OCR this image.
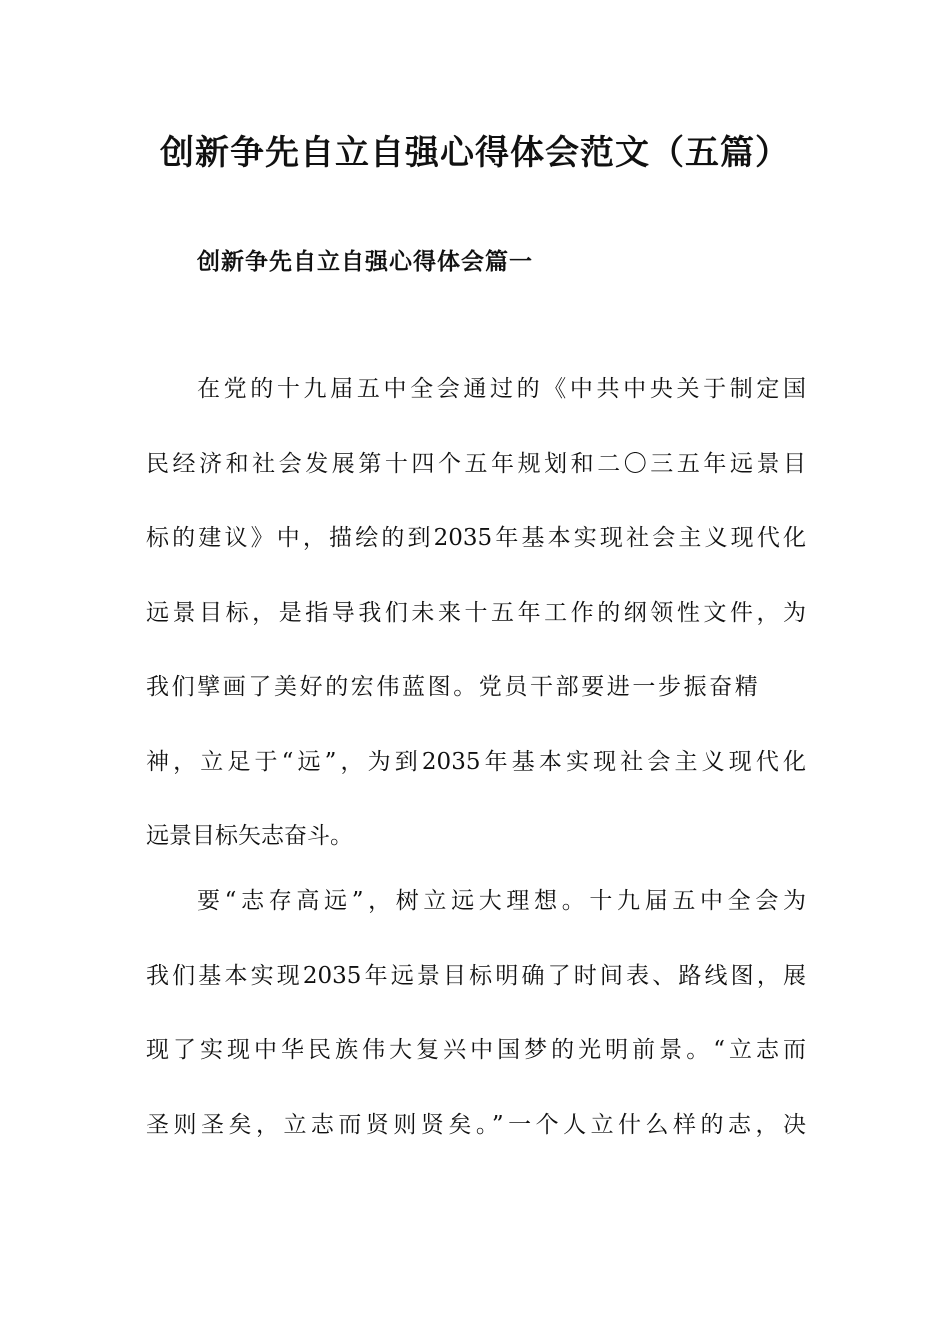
创新争先自立自强心得体会范文（五篇）
创新争先自立自强心得体会篇一
在党的十九届五中全会通过的《中共中央关于制定国
民经济和社会发展第十四个五年规划和二〇三五年远景目
标的建议》中，描绘的到2035年基本实现社会主义现代化
远景目标，是指导我们未来十五年工作的纲领性文件，为
我们擘画了美好的宏伟蓝图。党员干部要进一步振奋精
神，立足于“远”，为到2035年基本实现社会主义现代化
远景目标矢志奋斗。
要“志存高远”，树立远大理想。十九届五中全会为
我们基本实现2035年远景目标明确了时间表、路线图，展
现了实现中华民族伟大复兴中国梦的光明前景。“立志而
圣则圣矣，立志而贤则贤矣。”一个人立什么样的志，决
